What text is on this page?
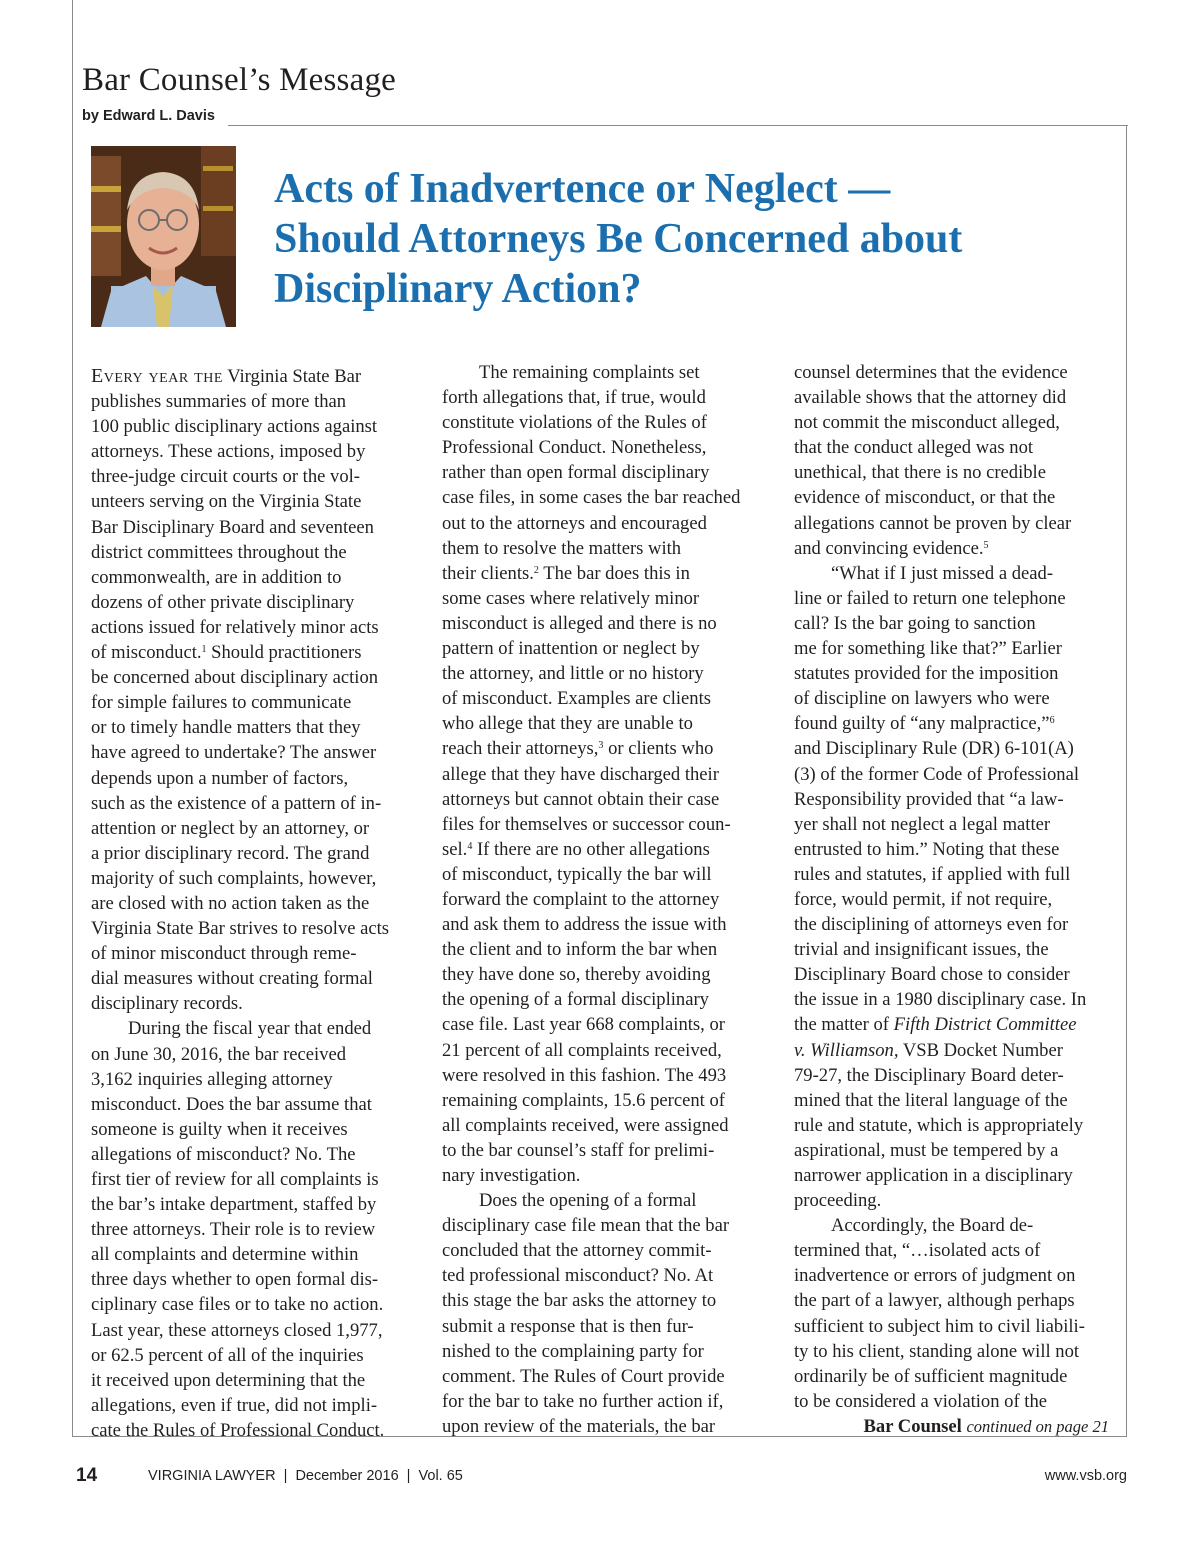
Bar Counsel’s Message
by Edward L. Davis
Acts of Inadvertence or Neglect —
Should Attorneys Be Concerned about
Disciplinary Action?
Every year the Virginia State Bar
publishes summaries of more than
100 public disciplinary actions against
attorneys. These actions, imposed by
three-judge circuit courts or the vol-
unteers serving on the Virginia State
Bar Disciplinary Board and seventeen
district committees throughout the
commonwealth, are in addition to
dozens of other private disciplinary
actions issued for relatively minor acts
of misconduct.$^1$ Should practitioners
be concerned about disciplinary action
for simple failures to communicate
or to timely handle matters that they
have agreed to undertake? The answer
depends upon a number of factors,
such as the existence of a pattern of in-
attention or neglect by an attorney, or
a prior disciplinary record. The grand
majority of such complaints, however,
are closed with no action taken as the
Virginia State Bar strives to resolve acts
of minor misconduct through reme-
dial measures without creating formal
disciplinary records.
During the fiscal year that ended
on June 30, 2016, the bar received
3,162 inquiries alleging attorney
misconduct. Does the bar assume that
someone is guilty when it receives
allegations of misconduct? No. The
first tier of review for all complaints is
the bar’s intake department, staffed by
three attorneys. Their role is to review
all complaints and determine within
three days whether to open formal dis-
ciplinary case files or to take no action.
Last year, these attorneys closed 1,977,
or 62.5 percent of all of the inquiries
it received upon determining that the
allegations, even if true, did not impli-
cate the Rules of Professional Conduct.
The remaining complaints set
forth allegations that, if true, would
constitute violations of the Rules of
Professional Conduct. Nonetheless,
rather than open formal disciplinary
case files, in some cases the bar reached
out to the attorneys and encouraged
them to resolve the matters with
their clients.$^2$ The bar does this in
some cases where relatively minor
misconduct is alleged and there is no
pattern of inattention or neglect by
the attorney, and little or no history
of misconduct. Examples are clients
who allege that they are unable to
reach their attorneys,$^3$ or clients who
allege that they have discharged their
attorneys but cannot obtain their case
files for themselves or successor coun-
sel.$^4$ If there are no other allegations
of misconduct, typically the bar will
forward the complaint to the attorney
and ask them to address the issue with
the client and to inform the bar when
they have done so, thereby avoiding
the opening of a formal disciplinary
case file. Last year 668 complaints, or
21 percent of all complaints received,
were resolved in this fashion. The 493
remaining complaints, 15.6 percent of
all complaints received, were assigned
to the bar counsel’s staff for prelimi-
nary investigation.
Does the opening of a formal
disciplinary case file mean that the bar
concluded that the attorney commit-
ted professional misconduct? No. At
this stage the bar asks the attorney to
submit a response that is then fur-
nished to the complaining party for
comment. The Rules of Court provide
for the bar to take no further action if,
upon review of the materials, the bar
counsel determines that the evidence
available shows that the attorney did
not commit the misconduct alleged,
that the conduct alleged was not
unethical, that there is no credible
evidence of misconduct, or that the
allegations cannot be proven by clear
and convincing evidence.$^5$
“What if I just missed a dead-
line or failed to return one telephone
call? Is the bar going to sanction
me for something like that?” Earlier
statutes provided for the imposition
of discipline on lawyers who were
found guilty of “any malpractice,”$^6$
and Disciplinary Rule (DR) 6-101(A)
(3) of the former Code of Professional
Responsibility provided that “a law-
yer shall not neglect a legal matter
entrusted to him.” Noting that these
rules and statutes, if applied with full
force, would permit, if not require,
the disciplining of attorneys even for
trivial and insignificant issues, the
Disciplinary Board chose to consider
the issue in a 1980 disciplinary case. In
the matter of Fifth District Committee
v. Williamson, VSB Docket Number
79-27, the Disciplinary Board deter-
mined that the literal language of the
rule and statute, which is appropriately
aspirational, must be tempered by a
narrower application in a disciplinary
proceeding.
Accordingly, the Board de-
termined that, “…isolated acts of
inadvertence or errors of judgment on
the part of a lawyer, although perhaps
sufficient to subject him to civil liabili-
ty to his client, standing alone will not
ordinarily be of sufficient magnitude
to be considered a violation of the
Bar Counsel continued on page 21
14	VIRGINIA LAWYER  |  December 2016  |  Vol. 65	www.vsb.org
